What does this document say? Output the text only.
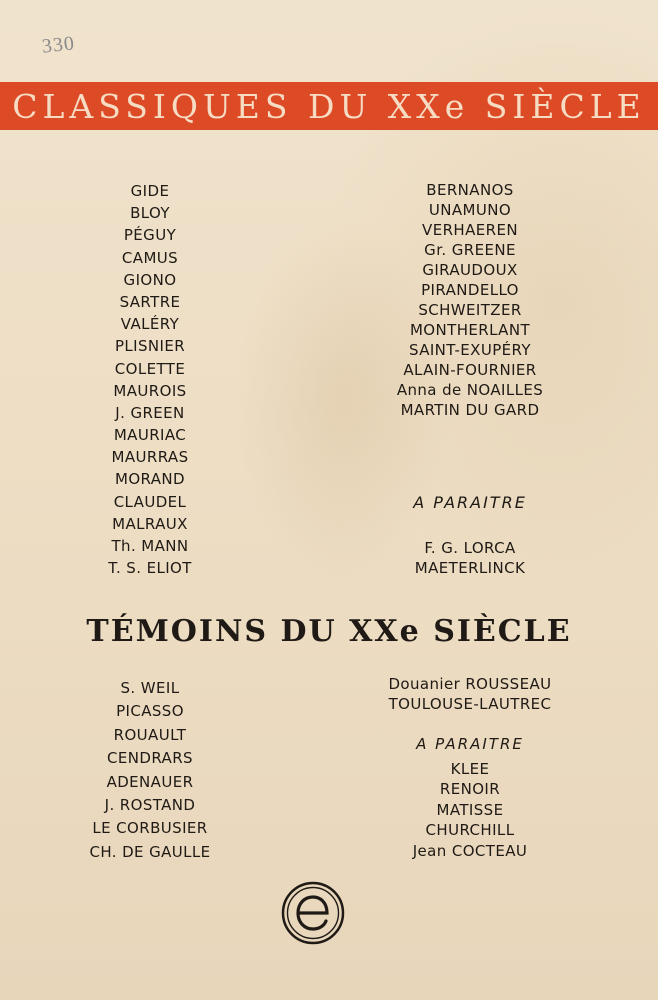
330
CLASSIQUES DU XXe SIÈCLE
GIDE
BLOY
PÉGUY
CAMUS
GIONO
SARTRE
VALÉRY
PLISNIER
COLETTE
MAUROIS
J. GREEN
MAURIAC
MAURRAS
MORAND
CLAUDEL
MALRAUX
Th. MANN
T. S. ELIOT
BERNANOS
UNAMUNO
VERHAEREN
Gr. GREENE
GIRAUDOUX
PIRANDELLO
SCHWEITZER
MONTHERLANT
SAINT-EXUPÉRY
ALAIN-FOURNIER
Anna de NOAILLES
MARTIN DU GARD
A PARAITRE
F. G. LORCA
MAETERLINCK
TÉMOINS DU XXe SIÈCLE
S. WEIL
PICASSO
ROUAULT
CENDRARS
ADENAUER
J. ROSTAND
LE CORBUSIER
CH. DE GAULLE
Douanier ROUSSEAU
TOULOUSE-LAUTREC
A PARAITRE
KLEE
RENOIR
MATISSE
CHURCHILL
Jean COCTEAU
